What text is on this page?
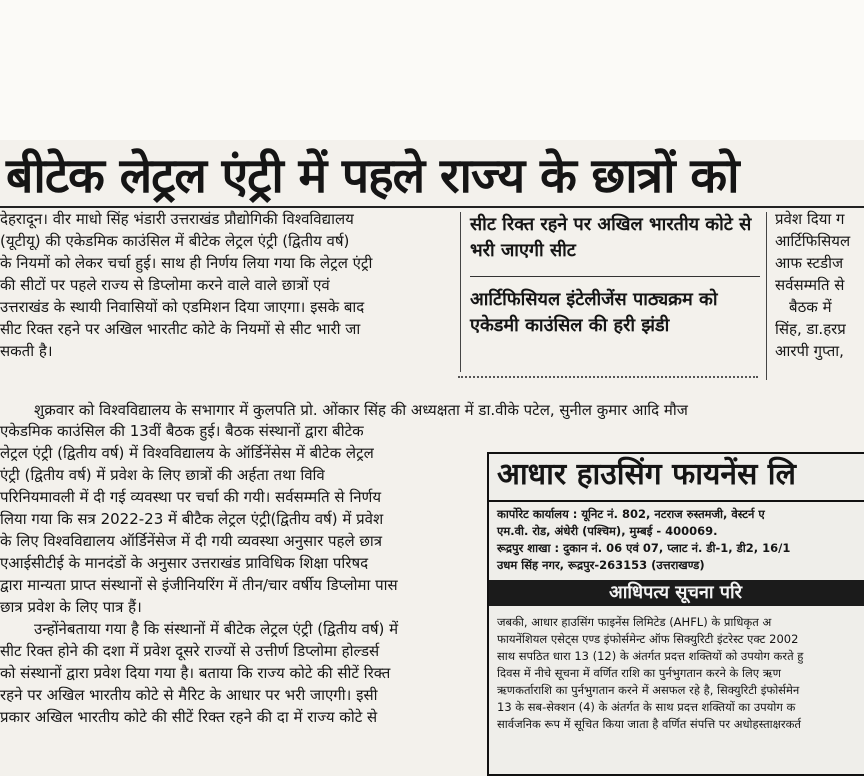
बीटेक लेट्रल एंट्री में पहले राज्य के छात्रों को
देहरादून। वीर माधो सिंह भंडारी उत्तराखंड प्रौद्योगिकी विश्वविद्यालय
(यूटीयू) की एकेडमिक काउंसिल में बीटेक लेट्रल एंट्री (द्वितीय वर्ष)
के नियमों को लेकर चर्चा हुई। साथ ही निर्णय लिया गया कि लेट्रल एंट्री
की सीटों पर पहले राज्य से डिप्लोमा करने वाले वाले छात्रों एवं
उत्तराखंड के स्थायी निवासियों को एडमिशन दिया जाएगा। इसके बाद
सीट रिक्त रहने पर अखिल भारतीट कोटे के नियमों से सीट भारी जा
सकती है।
सीट रिक्त रहने पर अखिल भारतीय कोटे से भरी जाएगी सीट
आर्टिफिसियल इंटेलीजेंस पाठ्यक्रम को एकेडमी काउंसिल की हरी झंडी
प्रवेश दिया ग
आर्टिफिसियल
आफ स्टडीज
सर्वसम्मति से
बैठक में
सिंह, डा.हरप्र
आरपी गुप्ता,
शुक्रवार को विश्वविद्यालय के सभागार में कुलपति प्रो. ओंकार सिंह की अध्यक्षता में डा.वीके पटेल, सुनील कुमार आदि मौज
एकेडमिक काउंसिल की 13वीं बैठक हुई। बैठक संस्थानों द्वारा बीटेक
लेट्रल एंट्री (द्वितीय वर्ष) में विश्वविद्यालय के ऑर्डिनेंसेस में बीटेक लेट्रल
एंट्री (द्वितीय वर्ष) में प्रवेश के लिए छात्रों की अर्हता तथा विवि
परिनियमावली में दी गई व्यवस्था पर चर्चा की गयी। सर्वसम्मति से निर्णय
लिया गया कि सत्र 2022-23 में बीटैक लेट्रल एंट्री(द्वितीय वर्ष) में प्रवेश
के लिए विश्वविद्यालय ऑर्डिनेंसेज में दी गयी व्यवस्था अनुसार पहले छात्र
एआईसीटीई के मानदंडों के अनुसार उत्तराखंड प्राविधिक शिक्षा परिषद
द्वारा मान्यता प्राप्त संस्थानों से इंजीनियरिंग में तीन/चार वर्षीय डिप्लोमा पास
छात्र प्रवेश के लिए पात्र हैं।
उन्होंनेबताया गया है कि संस्थानों में बीटेक लेट्रल एंट्री (द्वितीय वर्ष) में
सीट रिक्त होने की दशा में प्रवेश दूसरे राज्यों से उत्तीर्ण डिप्लोमा होल्डर्स
को संस्थानों द्वारा प्रवेश दिया गया है। बताया कि राज्य कोटे की सीटें रिक्त
रहने पर अखिल भारतीय कोटे से मैरिट के आधार पर भरी जाएगी। इसी
प्रकार अखिल भारतीय कोटे की सीटें रिक्त रहने की दा में राज्य कोटे से
आधार हाउसिंग फायनेंस लि
कार्पोरेट कार्यालय : यूनिट नं. 802, नटराज रुस्तमजी, वेस्टर्न ए
एम.वी. रोड, अंधेरी (पश्चिम), मुम्बई - 400069.
रूद्रपुर शाखा : दुकान नं. 06 एवं 07, प्लाट नं. डी-1, डी2, 16/1
उधम सिंह नगर, रूद्रपुर-263153 (उत्तराखण्ड)
आधिपत्य सूचना परि
जबकी, आधार हाउसिंग फाइनेंस लिमिटेड (AHFL) के प्राधिकृत अ
फायनेंशियल एसेट्स एण्ड इंफोर्समेन्ट ऑफ सिक्युरिटी इंटरेस्ट एक्ट 2002
साथ सपठित धारा 13 (12) के अंतर्गत प्रदत्त शक्तियों को उपयोग करते हु
दिवस में नीचे सूचना में वर्णित राशि का पुर्नभुगतान करने के लिए ऋण
ऋणकर्ताराशि का पुर्नभुगतान करने में असफल रहे है, सिक्युरिटी इंफोर्समेन
13 के सब-सेक्शन (4) के अंतर्गत के साथ प्रदत्त शक्तियों का उपयोग क
सार्वजनिक रूप में सूचित किया जाता है वर्णित संपत्ति पर अधोहस्ताक्षरकर्त
